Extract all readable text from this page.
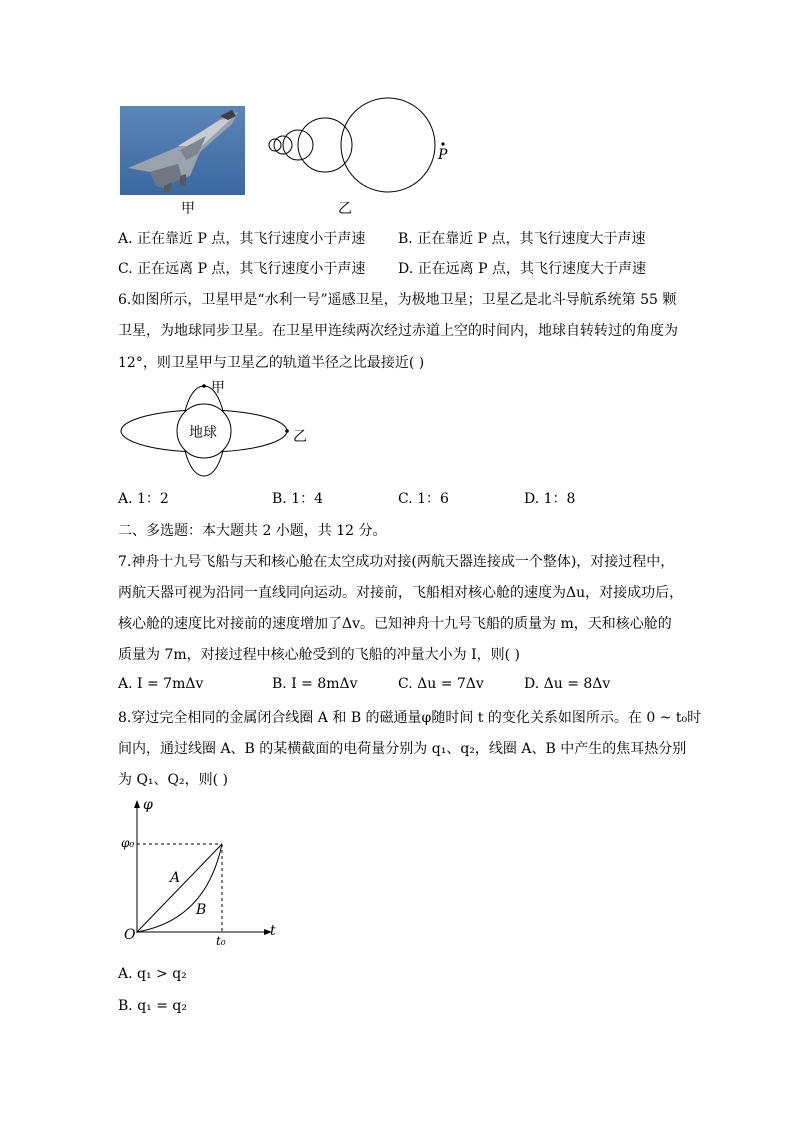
甲
P
乙
A. 正在靠近 P 点，其飞行速度小于声速 B. 正在靠近 P 点，其飞行速度大于声速
C. 正在远离 P 点，其飞行速度小于声速 D. 正在远离 P 点，其飞行速度大于声速
6.如图所示，卫星甲是“水利一号”遥感卫星，为极地卫星；卫星乙是北斗导航系统第 55 颗
卫星，为地球同步卫星。在卫星甲连续两次经过赤道上空的时间内，地球自转转过的角度为
12°，则卫星甲与卫星乙的轨道半径之比最接近( )
地球
甲
乙
A. 1：2	B. 1：4	C. 1：6	D. 1：8
二、多选题：本大题共 2 小题，共 12 分。
7.神舟十九号飞船与天和核心舱在太空成功对接(两航天器连接成一个整体)，对接过程中，
两航天器可视为沿同一直线同向运动。对接前，飞船相对核心舱的速度为Δu，对接成功后，
核心舱的速度比对接前的速度增加了Δv。已知神舟十九号飞船的质量为 m，天和核心舱的
质量为 7m，对接过程中核心舱受到的飞船的冲量大小为 I，则( )
A. I = 7mΔv	B. I = 8mΔv	C. Δu = 7Δv	D. Δu = 8Δv
8.穿过完全相同的金属闭合线圈 A 和 B 的磁通量φ随时间 t 的变化关系如图所示。在 0 ~ t₀时
间内，通过线圈 A、B 的某横截面的电荷量分别为 q₁、q₂，线圈 A、B 中产生的焦耳热分别
为 Q₁、Q₂，则( )
φ
φ₀
A
B
O	t₀
t
A. q₁ > q₂
B. q₁ = q₂
